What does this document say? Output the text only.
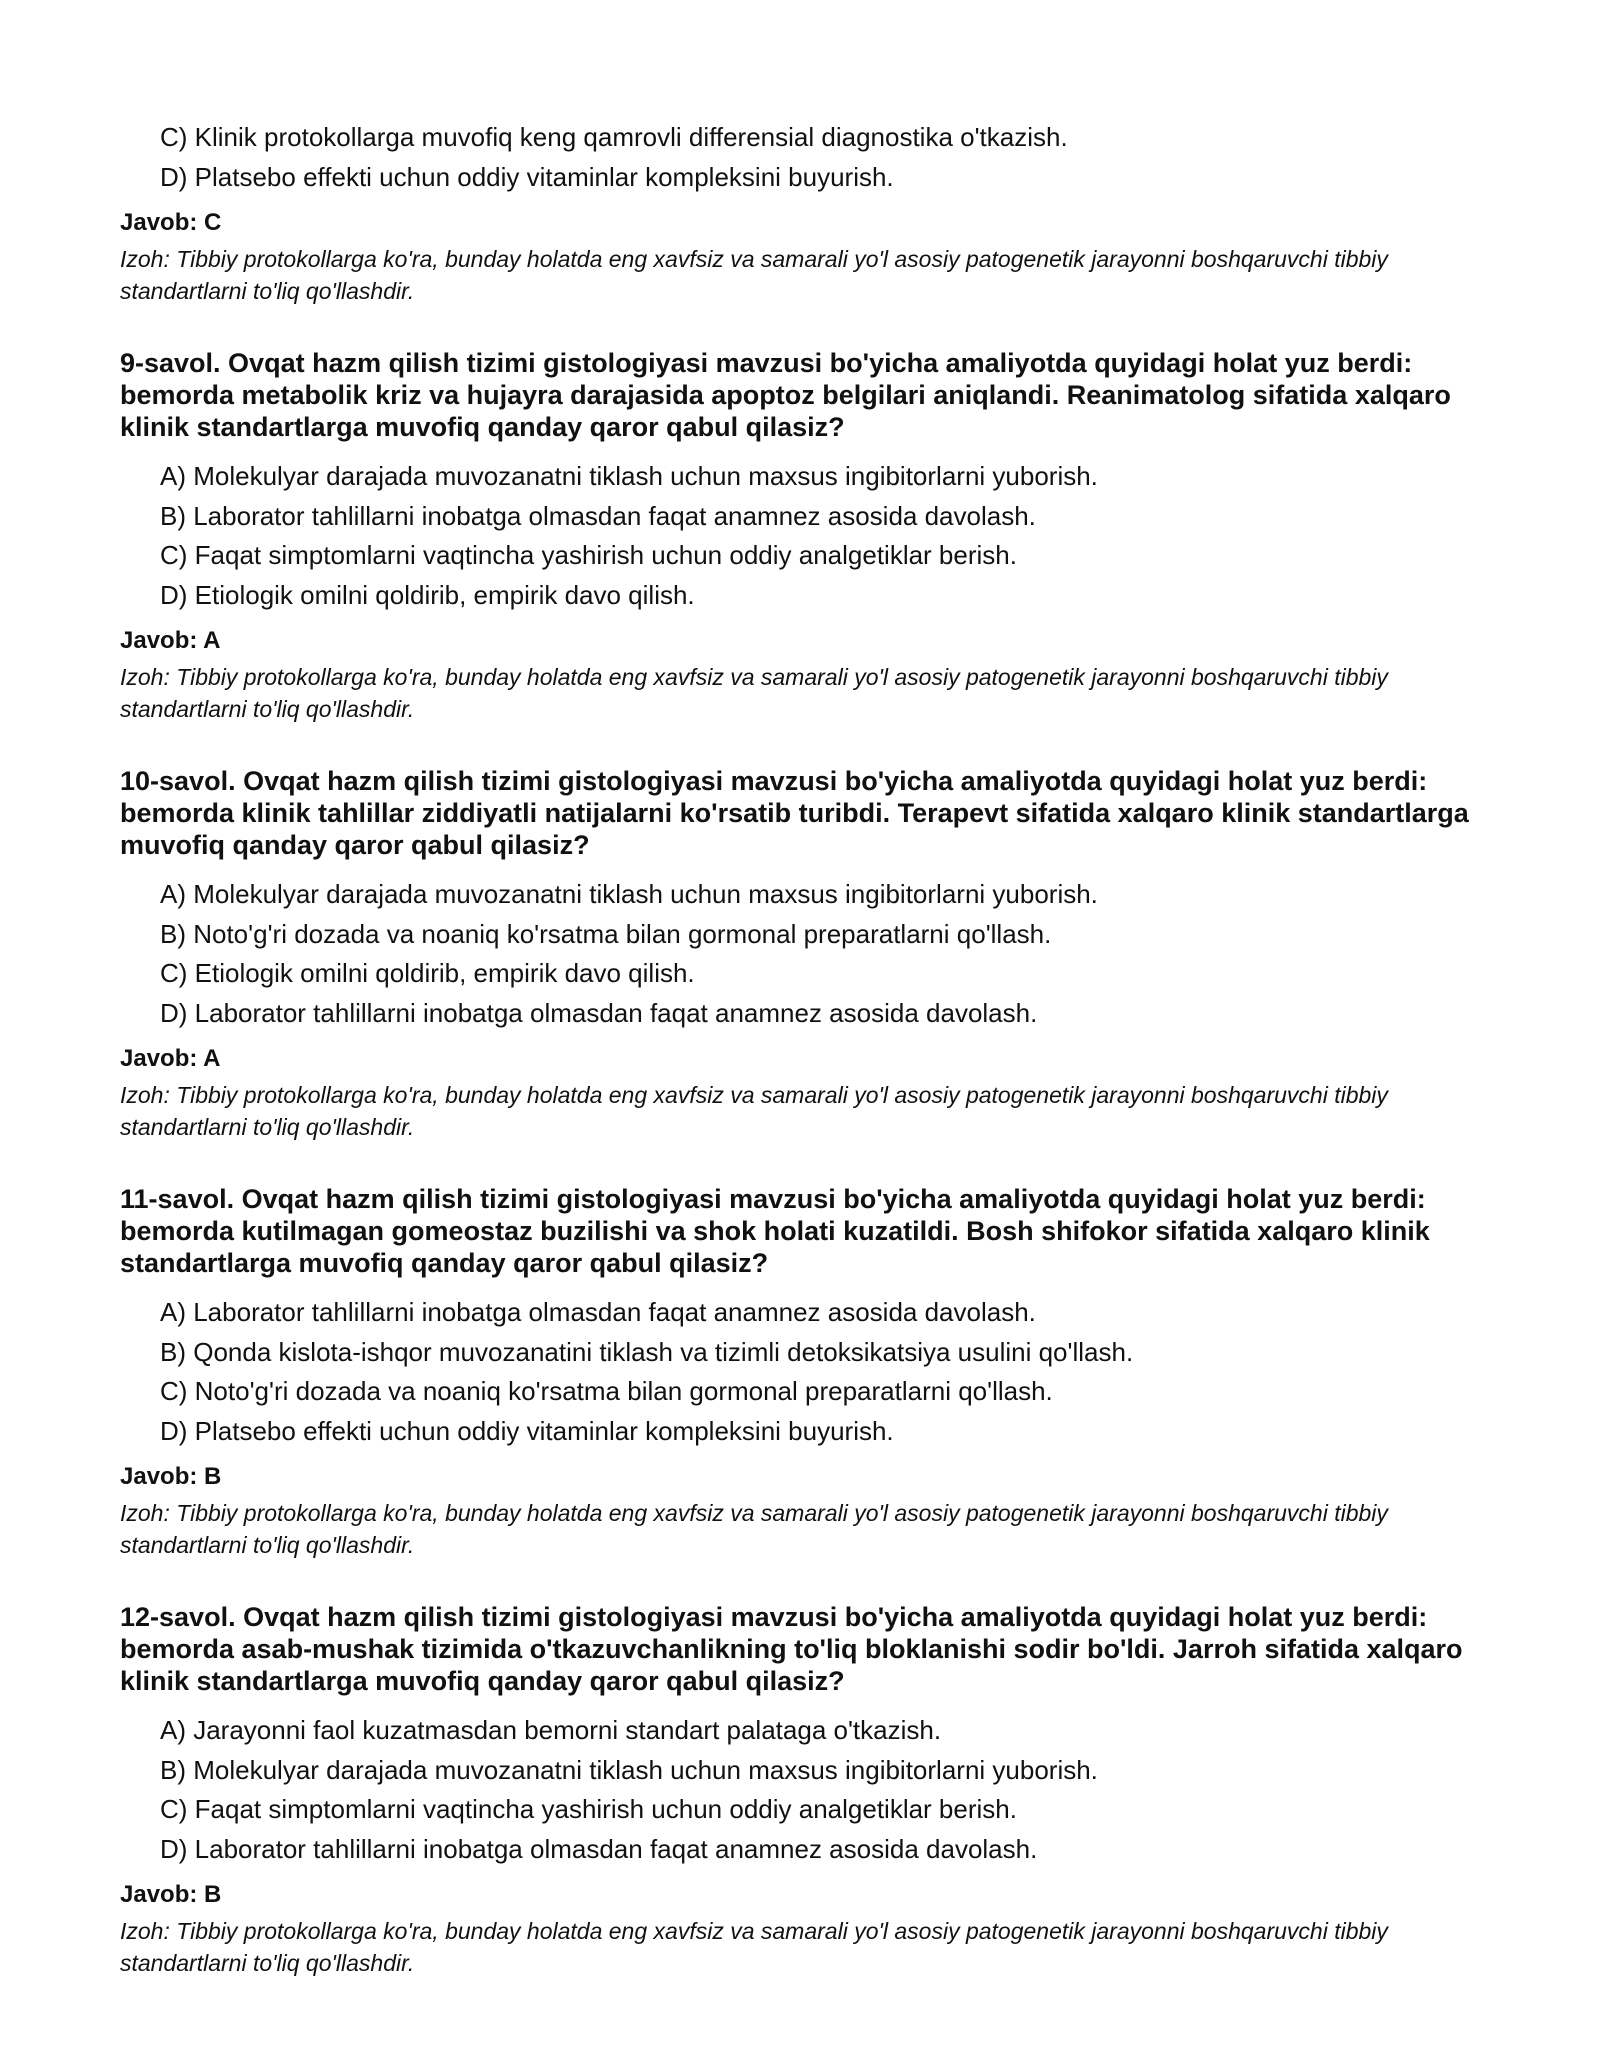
C) Klinik protokollarga muvofiq keng qamrovli differensial diagnostika o'tkazish.

D) Platsebo effekti uchun oddiy vitaminlar kompleksini buyurish.

Javob: C

Izoh: Tibbiy protokollarga ko'ra, bunday holatda eng xavfsiz va samarali yo'l asosiy patogenetik jarayonni boshqaruvchi tibbiy standartlarni to'liq qo'llashdir.

9-savol. Ovqat hazm qilish tizimi gistologiyasi mavzusi bo'yicha amaliyotda quyidagi holat yuz berdi: bemorda metabolik kriz va hujayra darajasida apoptoz belgilari aniqlandi. Reanimatolog sifatida xalqaro klinik standartlarga muvofiq qanday qaror qabul qilasiz?

A) Molekulyar darajada muvozanatni tiklash uchun maxsus ingibitorlarni yuborish.

B) Laborator tahlillarni inobatga olmasdan faqat anamnez asosida davolash.

C) Faqat simptomlarni vaqtincha yashirish uchun oddiy analgetiklar berish.

D) Etiologik omilni qoldirib, empirik davo qilish.

Javob: A

Izoh: Tibbiy protokollarga ko'ra, bunday holatda eng xavfsiz va samarali yo'l asosiy patogenetik jarayonni boshqaruvchi tibbiy standartlarni to'liq qo'llashdir.

10-savol. Ovqat hazm qilish tizimi gistologiyasi mavzusi bo'yicha amaliyotda quyidagi holat yuz berdi: bemorda klinik tahlillar ziddiyatli natijalarni ko'rsatib turibdi. Terapevt sifatida xalqaro klinik standartlarga muvofiq qanday qaror qabul qilasiz?

A) Molekulyar darajada muvozanatni tiklash uchun maxsus ingibitorlarni yuborish.

B) Noto'g'ri dozada va noaniq ko'rsatma bilan gormonal preparatlarni qo'llash.

C) Etiologik omilni qoldirib, empirik davo qilish.

D) Laborator tahlillarni inobatga olmasdan faqat anamnez asosida davolash.

Javob: A

Izoh: Tibbiy protokollarga ko'ra, bunday holatda eng xavfsiz va samarali yo'l asosiy patogenetik jarayonni boshqaruvchi tibbiy standartlarni to'liq qo'llashdir.

11-savol. Ovqat hazm qilish tizimi gistologiyasi mavzusi bo'yicha amaliyotda quyidagi holat yuz berdi: bemorda kutilmagan gomeostaz buzilishi va shok holati kuzatildi. Bosh shifokor sifatida xalqaro klinik standartlarga muvofiq qanday qaror qabul qilasiz?

A) Laborator tahlillarni inobatga olmasdan faqat anamnez asosida davolash.

B) Qonda kislota-ishqor muvozanatini tiklash va tizimli detoksikatsiya usulini qo'llash.

C) Noto'g'ri dozada va noaniq ko'rsatma bilan gormonal preparatlarni qo'llash.

D) Platsebo effekti uchun oddiy vitaminlar kompleksini buyurish.

Javob: B

Izoh: Tibbiy protokollarga ko'ra, bunday holatda eng xavfsiz va samarali yo'l asosiy patogenetik jarayonni boshqaruvchi tibbiy standartlarni to'liq qo'llashdir.

12-savol. Ovqat hazm qilish tizimi gistologiyasi mavzusi bo'yicha amaliyotda quyidagi holat yuz berdi: bemorda asab-mushak tizimida o'tkazuvchanlikning to'liq bloklanishi sodir bo'ldi. Jarroh sifatida xalqaro klinik standartlarga muvofiq qanday qaror qabul qilasiz?

A) Jarayonni faol kuzatmasdan bemorni standart palataga o'tkazish.

B) Molekulyar darajada muvozanatni tiklash uchun maxsus ingibitorlarni yuborish.

C) Faqat simptomlarni vaqtincha yashirish uchun oddiy analgetiklar berish.

D) Laborator tahlillarni inobatga olmasdan faqat anamnez asosida davolash.

Javob: B

Izoh: Tibbiy protokollarga ko'ra, bunday holatda eng xavfsiz va samarali yo'l asosiy patogenetik jarayonni boshqaruvchi tibbiy standartlarni to'liq qo'llashdir.
